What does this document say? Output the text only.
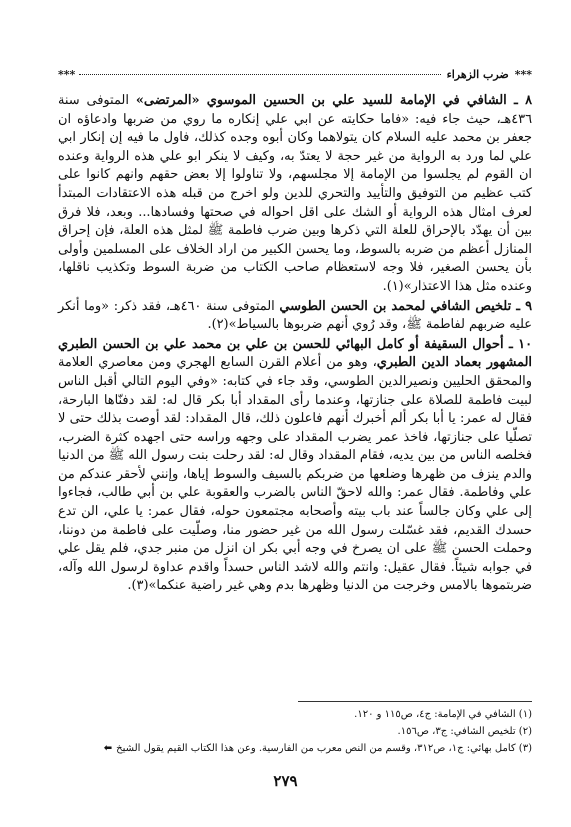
***
ضرب الزهراء
***

٨ ـ الشافي في الإمامة للسيد علي بن الحسين الموسوي «المرتضى» المتوفى سنة ٤٣٦هـ، حيث جاء فيه: «فاما حكايته عن ابي علي إنكاره ما روي من ضربها وادعاؤه ان جعفر بن محمد عليه السلام كان يتولاهما وكان أبوه وجده كذلك، فاول ما فيه إن إنكار ابي علي لما ورد به الرواية من غير حجة لا يعتدّ به، وكيف لا ينكر ابو علي هذه الرواية وعنده ان القوم لم يجلسوا من الإمامة إلا مجلسهم، ولا تناولوا إلا بعض حقهم وانهم كانوا على كتب عظيم من التوفيق والتأييد والتحري للدين ولو اخرج من قبله هذه الاعتقادات المبتدأ لعرف امثال هذه الرواية أو الشك على اقل احواله في صحتها وفسادها... وبعد، فلا فرق بين أن يهدّد بالإحراق للعلة التي ذكرها وبين ضرب فاطمة ﷺ لمثل هذه العلة، فإن إحراق المنازل أعظم من ضربه بالسوط، وما يحسن الكبير من اراد الخلاف على المسلمين وأولى بأن يحسن الصغير، فلا وجه لاستعظام صاحب الكتاب من ضربة السوط وتكذيب ناقلها، وعنده مثل هذا الاعتذار»(١).

٩ ـ تلخيص الشافي لمحمد بن الحسن الطوسي المتوفى سنة ٤٦٠هـ، فقد ذكر: «وما أنكر عليه ضربهم لفاطمة ﷺ، وقد رُوي أنهم ضربوها بالسياط»(٢).

١٠ ـ أحوال السقيفة أو كامل البهائي للحسن بن علي بن محمد علي بن الحسن الطبري المشهور بعماد الدين الطبري، وهو من أعلام القرن السابع الهجري ومن معاصري العلامة والمحقق الحليين ونصيرالدين الطوسي، وقد جاء في كتابه: «وفي اليوم التالي أقبل الناس لبيت فاطمة للصلاة على جنازتها، وعندما رأى المقداد أبا بكر قال له: لقد دفنّاها البارحة، فقال له عمر: يا أبا بكر ألم أخبرك أنهم فاعلون ذلك، قال المقداد: لقد أوصت بذلك حتى لا تصلّيا على جنازتها، فاخذ عمر يضرب المقداد على وجهه وراسه حتى اجهده كثرة الضرب، فخلصه الناس من بين يديه، فقام المقداد وقال له: لقد رحلت بنت رسول الله ﷺ من الدنيا والدم ينزف من ظهرها وضلعها من ضربكم بالسيف والسوط إياها، وإنني لأحقر عندكم من علي وفاطمة. فقال عمر: والله لاحقّ الناس بالضرب والعقوبة علي بن أبي طالب، فجاءوا إلى علي وكان جالساً عند باب بيته وأصحابه مجتمعون حوله، فقال عمر: يا علي، الن تدع حسدك القديم، فقد غسّلت رسول الله من غير حضور منا، وصلّيت على فاطمة من دوننا، وحملت الحسن ﷺ على ان يصرخ في وجه أبي بكر ان انزل من منبر جدي، فلم يقل علي في جوابه شيئاً. فقال عقيل: وانتم والله لاشد الناس حسداً واقدم عداوة لرسول الله وآله، ضربتموها بالامس وخرجت من الدنيا وظهرها بدم وهي غير راضية عنكما»(٣).

(١) الشافي في الإمامة: ج٤، ص١١٥ و ١٢٠.
(٢) تلخيص الشافي: ج٣، ص١٥٦.
(٣) كامل بهائي: ج١، ص٣١٢، وقسم من النص معرب من الفارسية. وعن هذا الكتاب القيم يقول الشيخ⬅
٢٧٩
